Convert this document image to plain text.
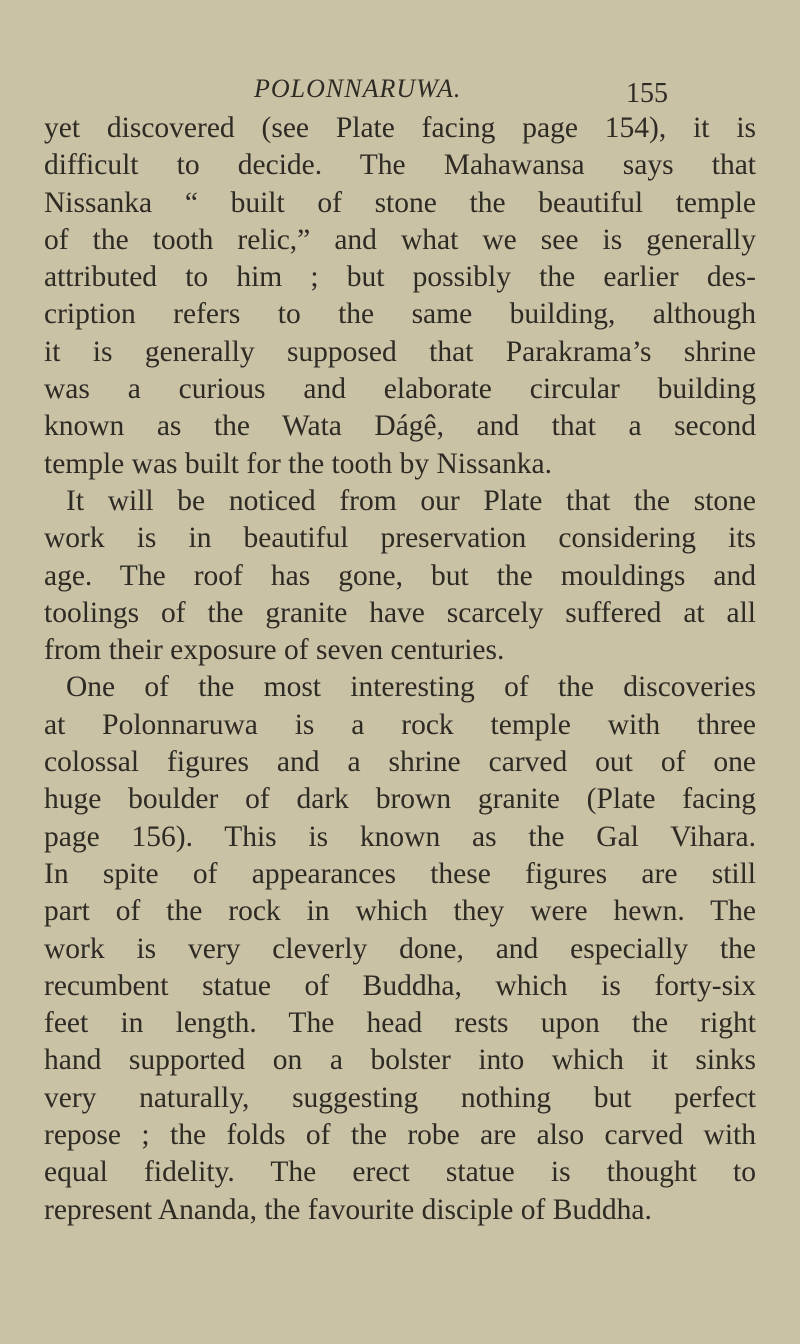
POLONNARUWA.	155
yet discovered (see Plate facing page 154), it is
difficult to decide. The Mahawansa says that
Nissanka “ built of stone the beautiful temple
of the tooth relic,” and what we see is generally
attributed to him ; but possibly the earlier des-
cription refers to the same building, although
it is generally supposed that Parakrama’s shrine
was a curious and elaborate circular building
known as the Wata Dágê, and that a second
temple was built for the tooth by Nissanka.
It will be noticed from our Plate that the stone
work is in beautiful preservation considering its
age. The roof has gone, but the mouldings and
toolings of the granite have scarcely suffered at all
from their exposure of seven centuries.
One of the most interesting of the discoveries
at Polonnaruwa is a rock temple with three
colossal figures and a shrine carved out of one
huge boulder of dark brown granite (Plate facing
page 156). This is known as the Gal Vihara.
In spite of appearances these figures are still
part of the rock in which they were hewn. The
work is very cleverly done, and especially the
recumbent statue of Buddha, which is forty-six
feet in length. The head rests upon the right
hand supported on a bolster into which it sinks
very naturally, suggesting nothing but perfect
repose ; the folds of the robe are also carved with
equal fidelity. The erect statue is thought to
represent Ananda, the favourite disciple of Buddha.
